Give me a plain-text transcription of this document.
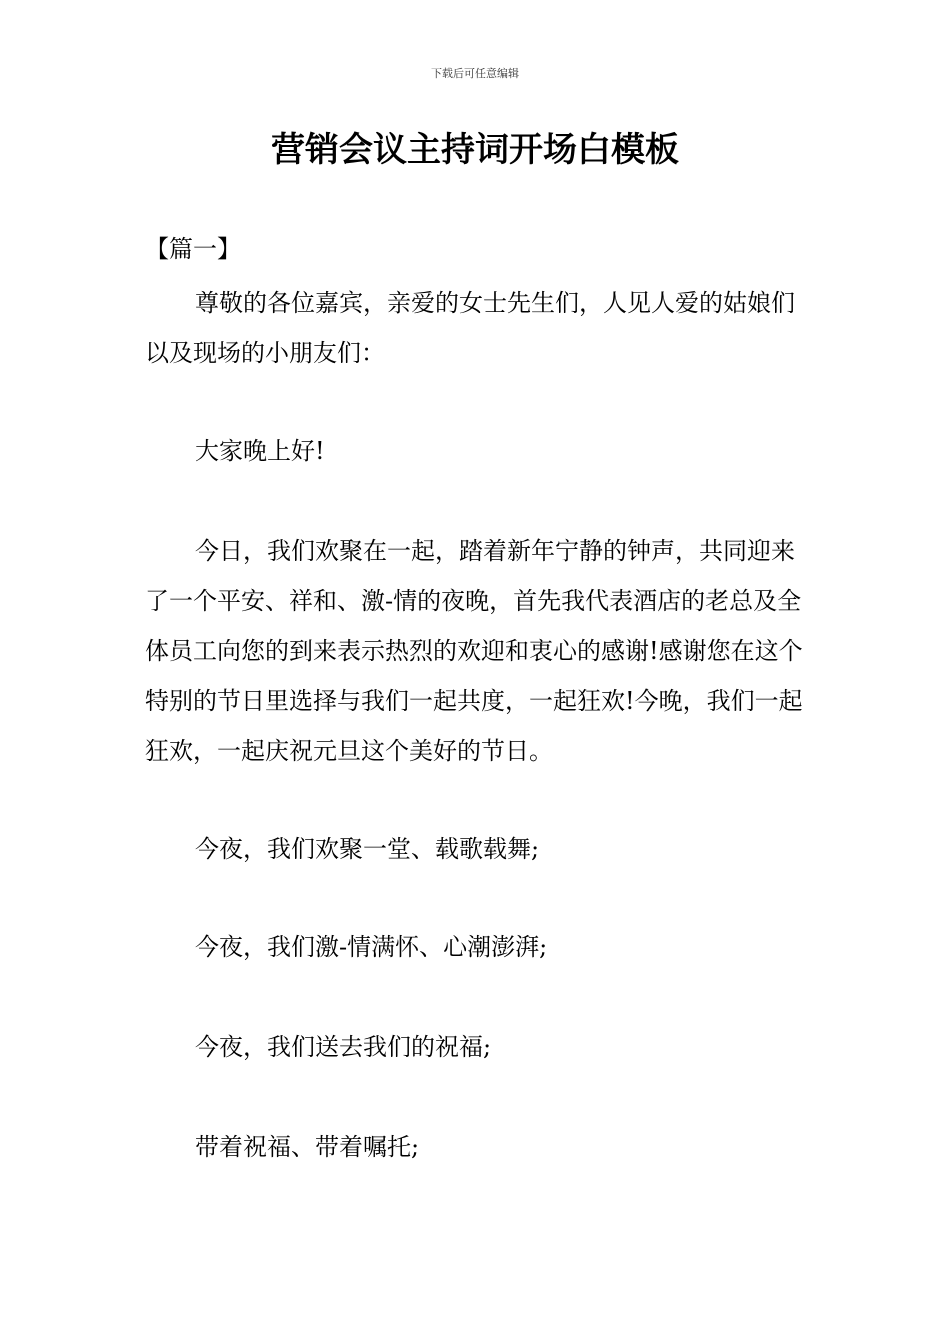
下载后可任意编辑
营销会议主持词开场白模板
【篇一】

尊敬的各位嘉宾，亲爱的女士先生们，人见人爱的姑娘们以及现场的小朋友们：

大家晚上好!

今日，我们欢聚在一起，踏着新年宁静的钟声，共同迎来了一个平安、祥和、激-情的夜晚，首先我代表酒店的老总及全体员工向您的到来表示热烈的欢迎和衷心的感谢!感谢您在这个特别的节日里选择与我们一起共度，一起狂欢!今晚，我们一起狂欢，一起庆祝元旦这个美好的节日。

今夜，我们欢聚一堂、载歌载舞;

今夜，我们激-情满怀、心潮澎湃;

今夜，我们送去我们的祝福;

带着祝福、带着嘱托;
